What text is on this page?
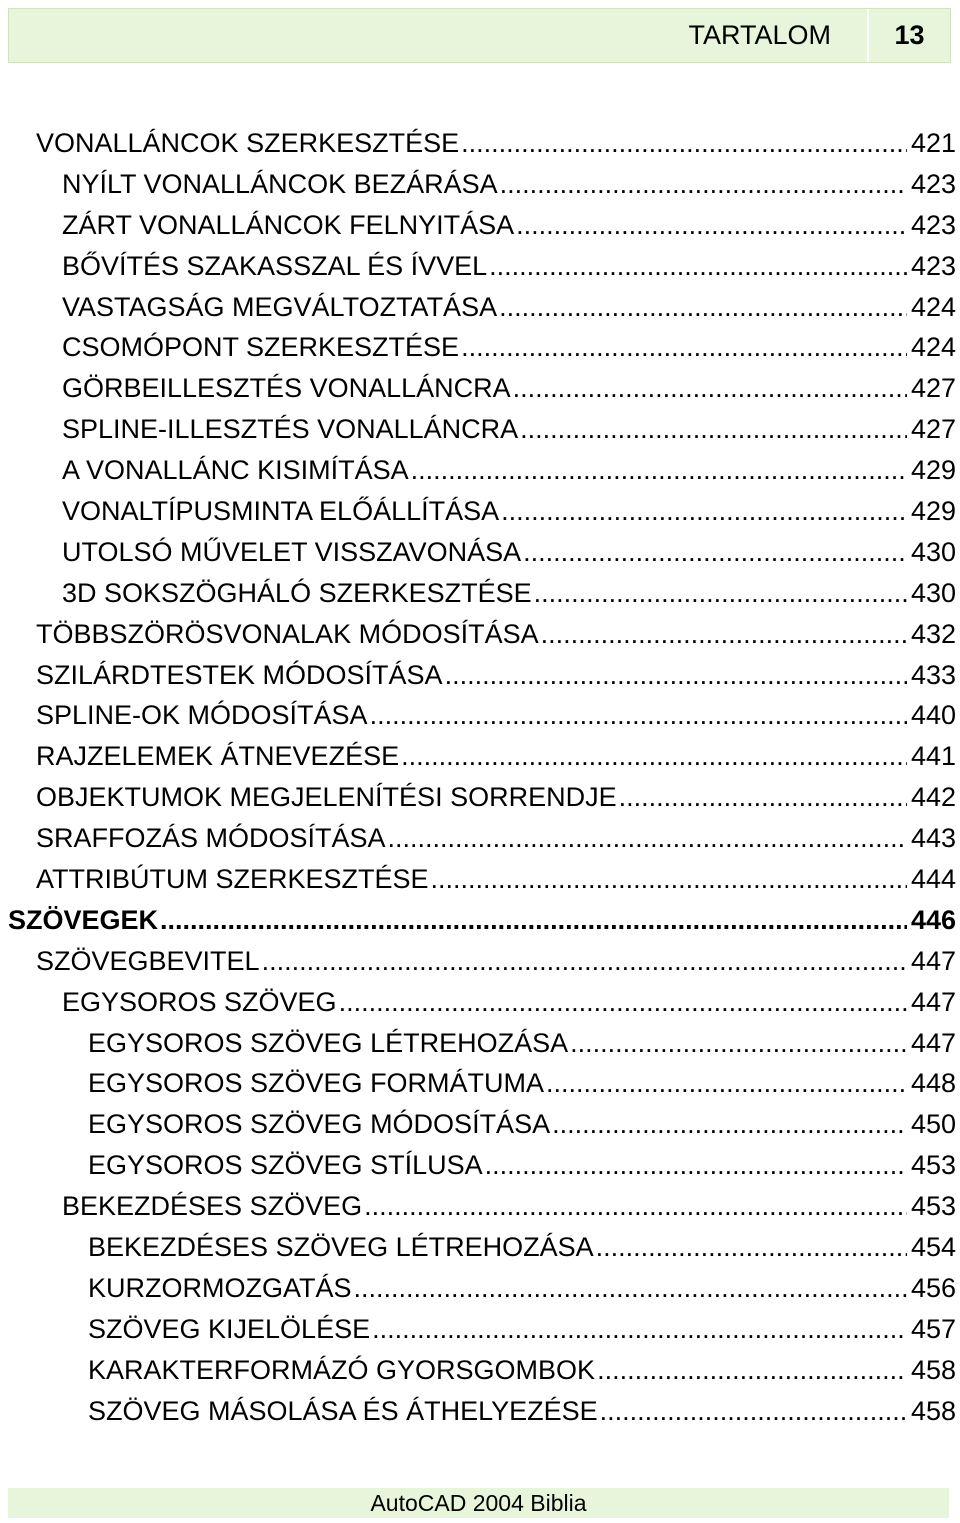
TARTALOM	13
VONALLÁNCOK SZERKESZTÉSE .....	421
NYÍLT VONALLÁNCOK BEZÁRÁSA .....	423
ZÁRT VONALLÁNCOK FELNYITÁSA .....	423
BŐVÍTÉS SZAKASSZAL ÉS ÍVVEL .....	423
VASTAGSÁG MEGVÁLTOZTATÁSA .....	424
CSOMÓPONT SZERKESZTÉSE .....	424
GÖRBEILLESZTÉS VONALLÁNCRA .....	427
SPLINE-ILLESZTÉS VONALLÁNCRA .....	427
A VONALLÁNC KISIMÍTÁSA .....	429
VONALTÍPUSMINTA ELŐÁLLÍTÁSA .....	429
UTOLSÓ MŰVELET VISSZAVONÁSA .....	430
3D SOKSZÖGHÁLÓ SZERKESZTÉSE .....	430
TÖBBSZÖRÖSVONALAK MÓDOSÍTÁSA .....	432
SZILÁRDTESTEK MÓDOSÍTÁSA .....	433
SPLINE-OK MÓDOSÍTÁSA .....	440
RAJZELEMEK ÁTNEVEZÉSE .....	441
OBJEKTUMOK MEGJELENÍTÉSI SORRENDJE .....	442
SRAFFOZÁS MÓDOSÍTÁSA .....	443
ATTRIBÚTUM SZERKESZTÉSE .....	444
SZÖVEGEK .....	446
SZÖVEGBEVITEL .....	447
EGYSOROS SZÖVEG .....	447
EGYSOROS SZÖVEG LÉTREHOZÁSA .....	447
EGYSOROS SZÖVEG FORMÁTUMA .....	448
EGYSOROS SZÖVEG MÓDOSÍTÁSA .....	450
EGYSOROS SZÖVEG STÍLUSA .....	453
BEKEZDÉSES SZÖVEG .....	453
BEKEZDÉSES SZÖVEG LÉTREHOZÁSA .....	454
KURZORMOZGATÁS .....	456
SZÖVEG KIJELÖLÉSE .....	457
KARAKTERFORMÁZÓ GYORSGOMBOK .....	458
SZÖVEG MÁSOLÁSA ÉS ÁTHELYEZÉSE .....	458
AutoCAD 2004 Biblia
